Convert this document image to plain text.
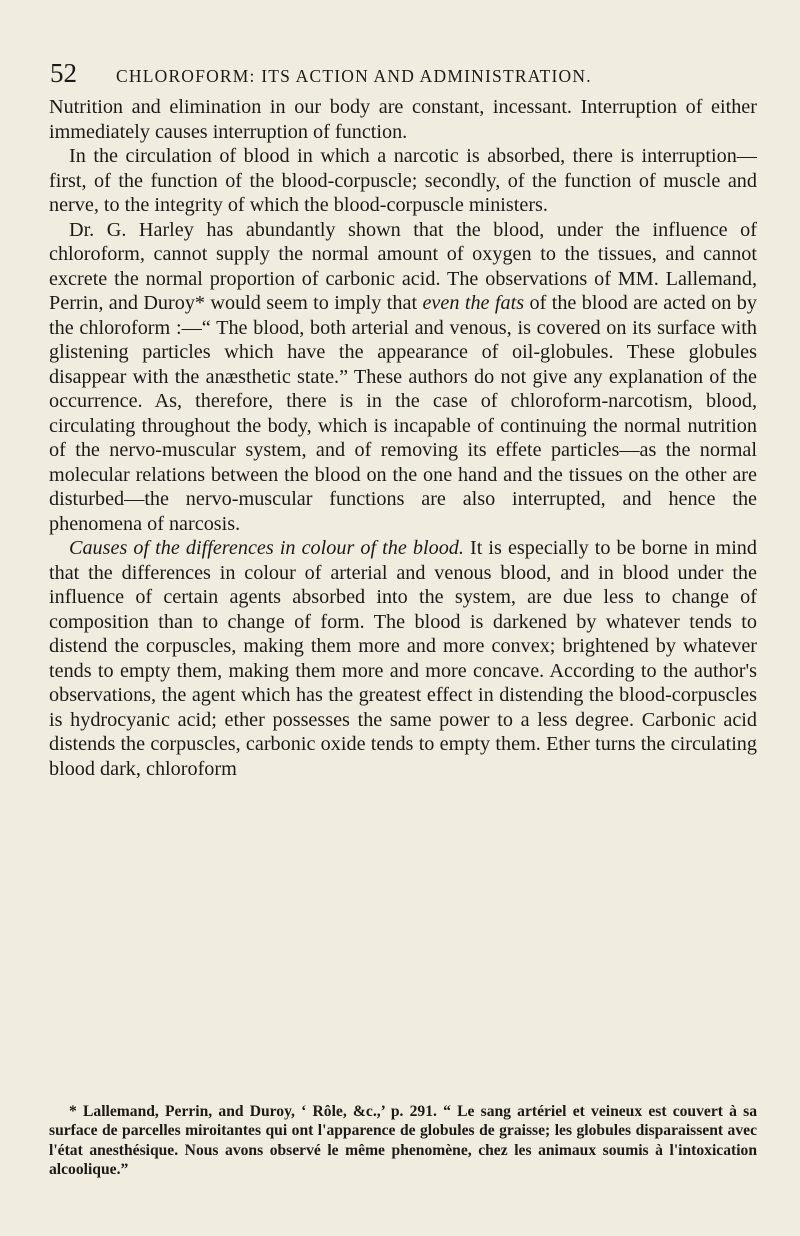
52	CHLOROFORM: ITS ACTION AND ADMINISTRATION.

Nutrition and elimination in our body are constant, incessant. Interruption of either immediately causes interruption of function.

In the circulation of blood in which a narcotic is absorbed, there is interruption—first, of the function of the blood-corpuscle; secondly, of the function of muscle and nerve, to the integrity of which the blood-corpuscle ministers.

Dr. G. Harley has abundantly shown that the blood, under the influence of chloroform, cannot supply the normal amount of oxygen to the tissues, and cannot excrete the normal proportion of carbonic acid. The observations of MM. Lallemand, Perrin, and Duroy* would seem to imply that even the fats of the blood are acted on by the chloroform :—“ The blood, both arterial and venous, is covered on its surface with glistening particles which have the appearance of oil-globules. These globules disappear with the anæsthetic state.” These authors do not give any explanation of the occurrence. As, therefore, there is in the case of chloroform-narcotism, blood, circulating throughout the body, which is incapable of continuing the normal nutrition of the nervo-muscular system, and of removing its effete particles—as the normal molecular relations between the blood on the one hand and the tissues on the other are disturbed—the nervo-muscular functions are also interrupted, and hence the phenomena of narcosis.

Causes of the differences in colour of the blood. It is especially to be borne in mind that the differences in colour of arterial and venous blood, and in blood under the influence of certain agents absorbed into the system, are due less to change of composition than to change of form. The blood is darkened by whatever tends to distend the corpuscles, making them more and more convex; brightened by whatever tends to empty them, making them more and more concave. According to the author's observations, the agent which has the greatest effect in distending the blood-corpuscles is hydrocyanic acid; ether possesses the same power to a less degree. Carbonic acid distends the corpuscles, carbonic oxide tends to empty them. Ether turns the circulating blood dark, chloroform

* Lallemand, Perrin, and Duroy, ‘ Rôle, &c.,’ p. 291. “ Le sang artériel et veineux est couvert à sa surface de parcelles miroitantes qui ont l'apparence de globules de graisse; les globules disparaissent avec l'état anesthésique. Nous avons observé le même phenomène, chez les animaux soumis à l'intoxication alcoolique.”
